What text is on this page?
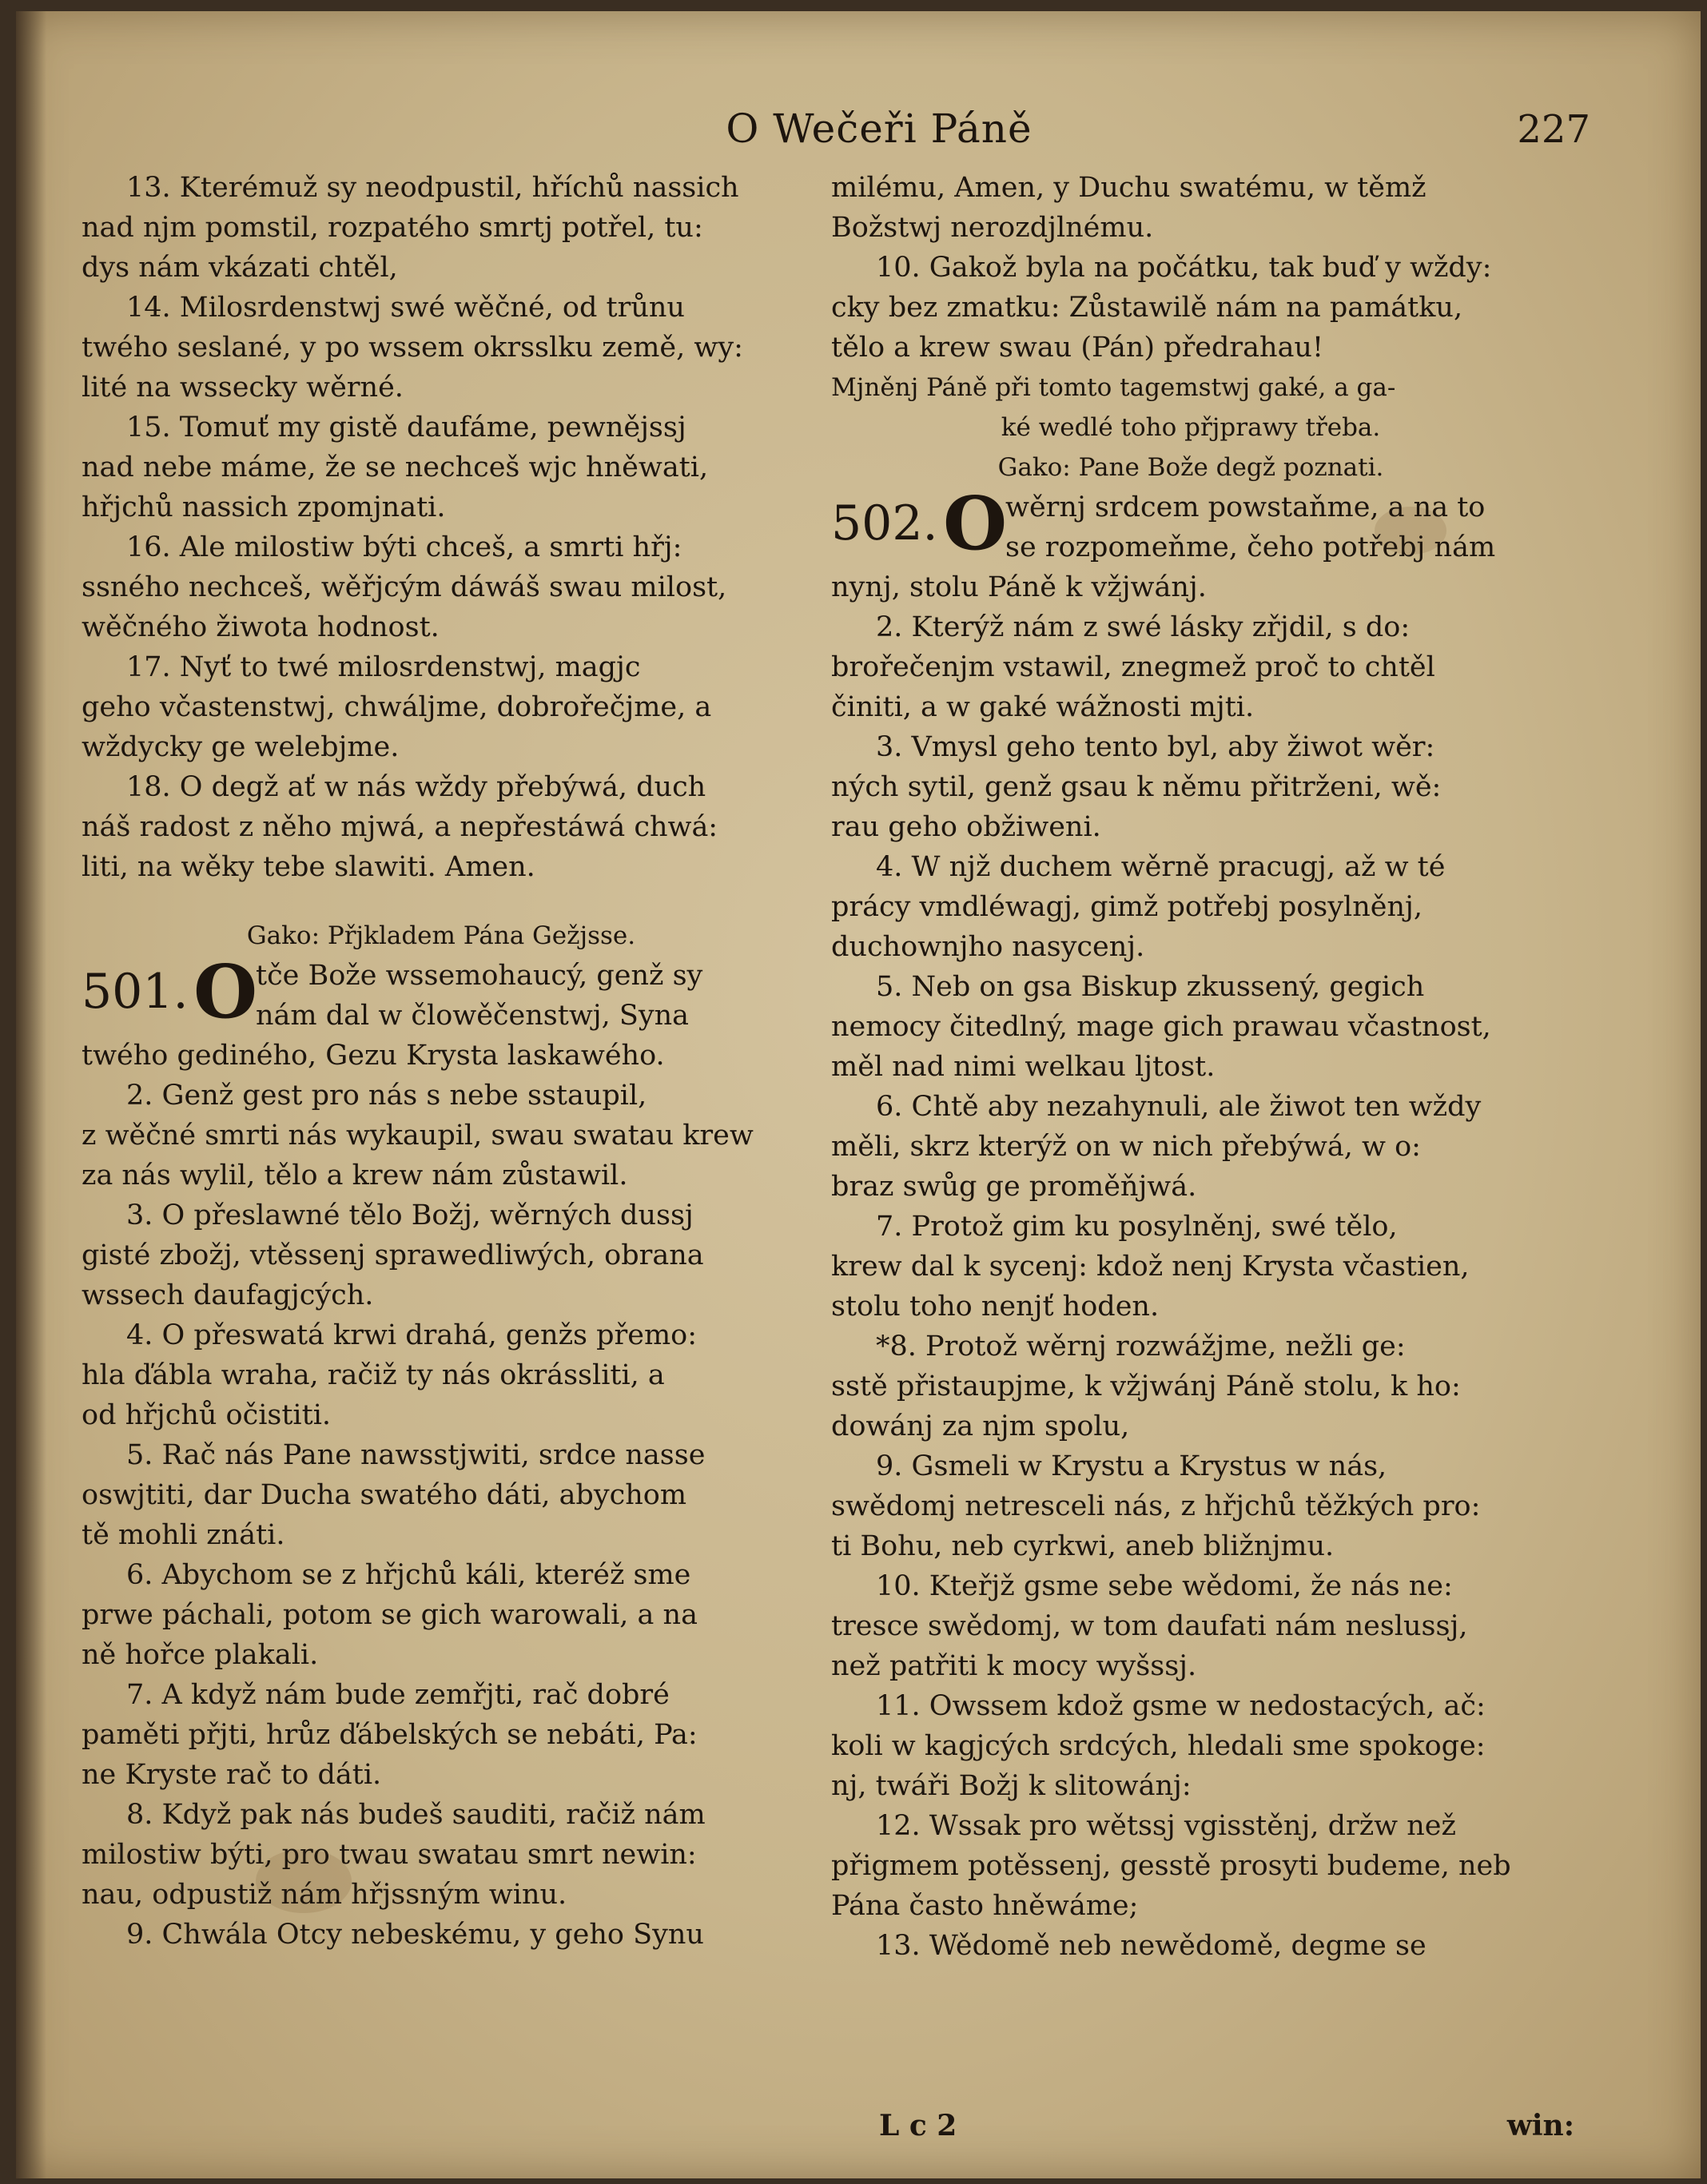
O Wečeři Páně	227
13. Kterémuž sy neodpustil, hříchů nassich
nad njm pomstil, rozpatého smrtj potřel, tu:
dys nám vkázati chtěl,
14. Milosrdenstwj swé wěčné, od trůnu
twého seslané, y po wssem okrsslku země, wy:
lité na wssecky wěrné.
15. Tomuť my gistě daufáme, pewnějssj
nad nebe máme, že se nechceš wjc hněwati,
hřjchů nassich zpomjnati.
16. Ale milostiw býti chceš, a smrti hřj:
ssného nechceš, wěřjcým dáwáš swau milost,
wěčného žiwota hodnost.
17. Nyť to twé milosrdenstwj, magjc
geho včastenstwj, chwáljme, dobrořečjme, a
wždycky ge welebjme.
18. O degž ať w nás wždy přebýwá, duch
náš radost z něho mjwá, a nepřestáwá chwá:
liti, na wěky tebe slawiti. Amen.
Gako: Přjkladem Pána Gežjsse.
501. O
tče Bože wssemohaucý, genž sy
nám dal w člowěčenstwj, Syna
twého gediného, Gezu Krysta laskawého.
2. Genž gest pro nás s nebe sstaupil,
z wěčné smrti nás wykaupil, swau swatau krew
za nás wylil, tělo a krew nám zůstawil.
3. O přeslawné tělo Božj, wěrných dussj
gisté zbožj, vtěssenj sprawedliwých, obrana
wssech daufagjcých.
4. O přeswatá krwi drahá, genžs přemo:
hla ďábla wraha, račiž ty nás okrássliti, a
od hřjchů očistiti.
5. Rač nás Pane nawsstjwiti, srdce nasse
oswjtiti, dar Ducha swatého dáti, abychom
tě mohli znáti.
6. Abychom se z hřjchů káli, kteréž sme
prwe páchali, potom se gich warowali, a na
ně hořce plakali.
7. A když nám bude zemřjti, rač dobré
paměti přjti, hrůz ďábelských se nebáti, Pa:
ne Kryste rač to dáti.
8. Když pak nás budeš sauditi, račiž nám
milostiw býti, pro twau swatau smrt newin:
nau, odpustiž nám hřjssným winu.
9. Chwála Otcy nebeskému, y geho Synu
milému, Amen, y Duchu swatému, w těmž
Božstwj nerozdjlnému.
10. Gakož byla na počátku, tak buď y wždy:
cky bez zmatku: Zůstawilě nám na památku,
tělo a krew swau (Pán) předrahau!
Mjněnj Páně při tomto tagemstwj gaké, a ga-
ké wedlé toho přjprawy třeba.
Gako: Pane Bože degž poznati.
502. O
wěrnj srdcem powstaňme, a na to
se rozpomeňme, čeho potřebj nám
nynj, stolu Páně k vžjwánj.
2. Kterýž nám z swé lásky zřjdil, s do:
brořečenjm vstawil, znegmež proč to chtěl
činiti, a w gaké wážnosti mjti.
3. Vmysl geho tento byl, aby žiwot wěr:
ných sytil, genž gsau k němu přitrženi, wě:
rau geho obžiweni.
4. W njž duchem wěrně pracugj, až w té
prácy vmdléwagj, gimž potřebj posylněnj,
duchownjho nasycenj.
5. Neb on gsa Biskup zkussený, gegich
nemocy čitedlný, mage gich prawau včastnost,
měl nad nimi welkau ljtost.
6. Chtě aby nezahynuli, ale žiwot ten wždy
měli, skrz kterýž on w nich přebýwá, w o:
braz swůg ge proměňjwá.
7. Protož gim ku posylněnj, swé tělo,
krew dal k sycenj: kdož nenj Krysta včastien,
stolu toho nenjť hoden.
*8. Protož wěrnj rozwážjme, nežli ge:
sstě přistaupjme, k vžjwánj Páně stolu, k ho:
dowánj za njm spolu,
9. Gsmeli w Krystu a Krystus w nás,
swědomj netresceli nás, z hřjchů těžkých pro:
ti Bohu, neb cyrkwi, aneb bližnjmu.
10. Kteřjž gsme sebe wědomi, že nás ne:
tresce swědomj, w tom daufati nám neslussj,
než patřiti k mocy wyšssj.
11. Owssem kdož gsme w nedostacých, ač:
koli w kagjcých srdcých, hledali sme spokoge:
nj, twáři Božj k slitowánj:
12. Wssak pro wětssj vgisstěnj, držw než
přigmem potěssenj, gesstě prosyti budeme, neb
Pána často hněwáme;
13. Wědomě neb newědomě, degme se
L c 2	win:
